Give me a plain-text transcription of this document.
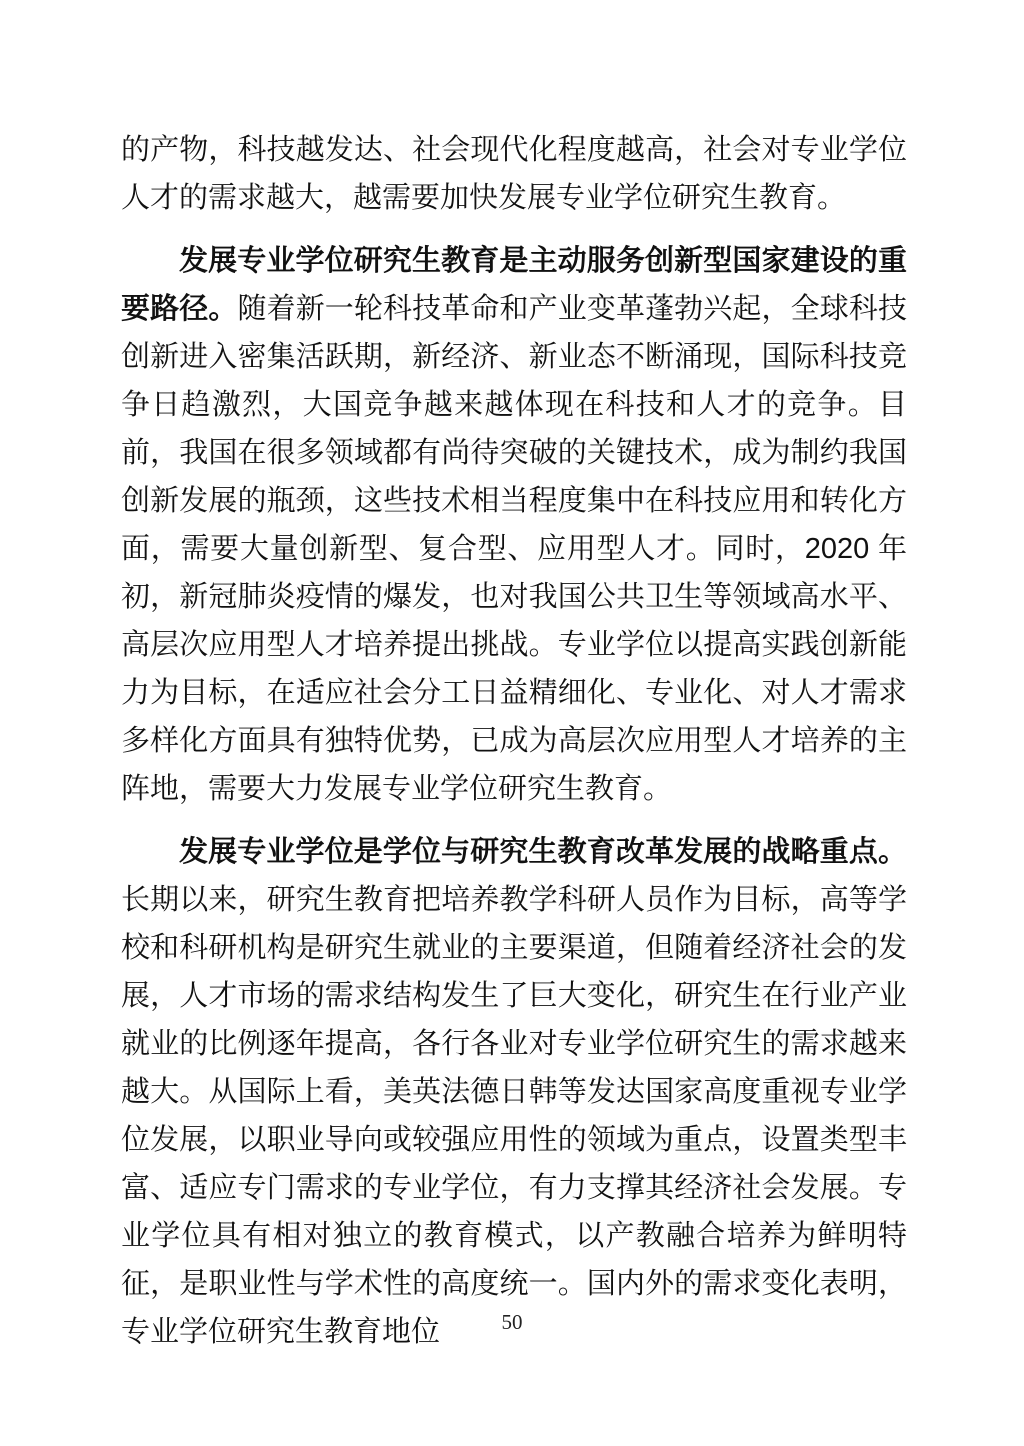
的产物，科技越发达、社会现代化程度越高，社会对专业学位人才的需求越大，越需要加快发展专业学位研究生教育。

发展专业学位研究生教育是主动服务创新型国家建设的重要路径。随着新一轮科技革命和产业变革蓬勃兴起，全球科技创新进入密集活跃期，新经济、新业态不断涌现，国际科技竞争日趋激烈，大国竞争越来越体现在科技和人才的竞争。目前，我国在很多领域都有尚待突破的关键技术，成为制约我国创新发展的瓶颈，这些技术相当程度集中在科技应用和转化方面，需要大量创新型、复合型、应用型人才。同时，2020 年初，新冠肺炎疫情的爆发，也对我国公共卫生等领域高水平、高层次应用型人才培养提出挑战。专业学位以提高实践创新能力为目标，在适应社会分工日益精细化、专业化、对人才需求多样化方面具有独特优势，已成为高层次应用型人才培养的主阵地，需要大力发展专业学位研究生教育。

发展专业学位是学位与研究生教育改革发展的战略重点。长期以来，研究生教育把培养教学科研人员作为目标，高等学校和科研机构是研究生就业的主要渠道，但随着经济社会的发展，人才市场的需求结构发生了巨大变化，研究生在行业产业就业的比例逐年提高，各行各业对专业学位研究生的需求越来越大。从国际上看，美英法德日韩等发达国家高度重视专业学位发展，以职业导向或较强应用性的领域为重点，设置类型丰富、适应专门需求的专业学位，有力支撑其经济社会发展。专业学位具有相对独立的教育模式，以产教融合培养为鲜明特征，是职业性与学术性的高度统一。国内外的需求变化表明，专业学位研究生教育地位	50
